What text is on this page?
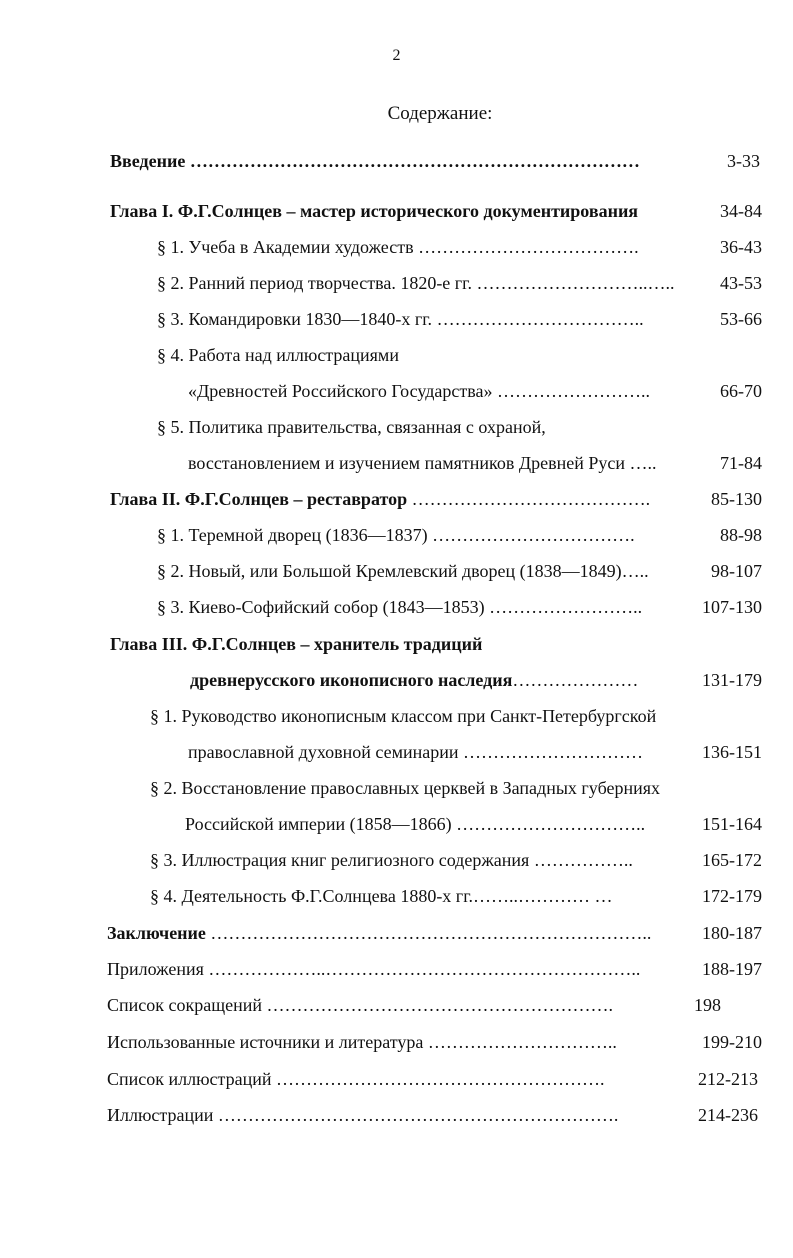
2
Содержание:
Введение …………………………………………………………………	3-33
Глава I. Ф.Г.Солнцев – мастер исторического документирования	34-84
§ 1. Учеба в Академии художеств ……………………………….	36-43
§ 2. Ранний период творчества. 1820-е гг. ………………………..…..	43-53
§ 3. Командировки 1830—1840-х гг. ……………………………..	53-66
§ 4. Работа над иллюстрациями
«Древностей Российского Государства» ……………………..	66-70
§ 5. Политика правительства, связанная с охраной,
восстановлением и изучением памятников Древней Руси …..	71-84
Глава II. Ф.Г.Солнцев – реставратор ………………………………….	85-130
§ 1. Теремной дворец (1836—1837) …………………………….	88-98
§ 2. Новый, или Большой Кремлевский дворец (1838—1849)…..	98-107
§ 3. Киево-Софийский собор (1843—1853) ……………………..	107-130
Глава III. Ф.Г.Солнцев – хранитель традиций
древнерусского иконописного наследия…………………	131-179
§ 1. Руководство иконописным классом при Санкт-Петербургской
православной духовной семинарии …………………………	136-151
§ 2. Восстановление православных церквей в Западных губерниях
Российской империи (1858—1866) …………………………..	151-164
§ 3. Иллюстрация книг религиозного содержания ……………..	165-172
§ 4. Деятельность Ф.Г.Солнцева 1880-х гг.……..………… …	172-179
Заключение ………………………………………………………………..	180-187
Приложения ………………..……………………………………………..	188-197
Список сокращений ………………………………………………….	198
Использованные источники и литература …………………………..	199-210
Список иллюстраций ……………………………………………….	212-213
Иллюстрации ………………………………………………………….	214-236
